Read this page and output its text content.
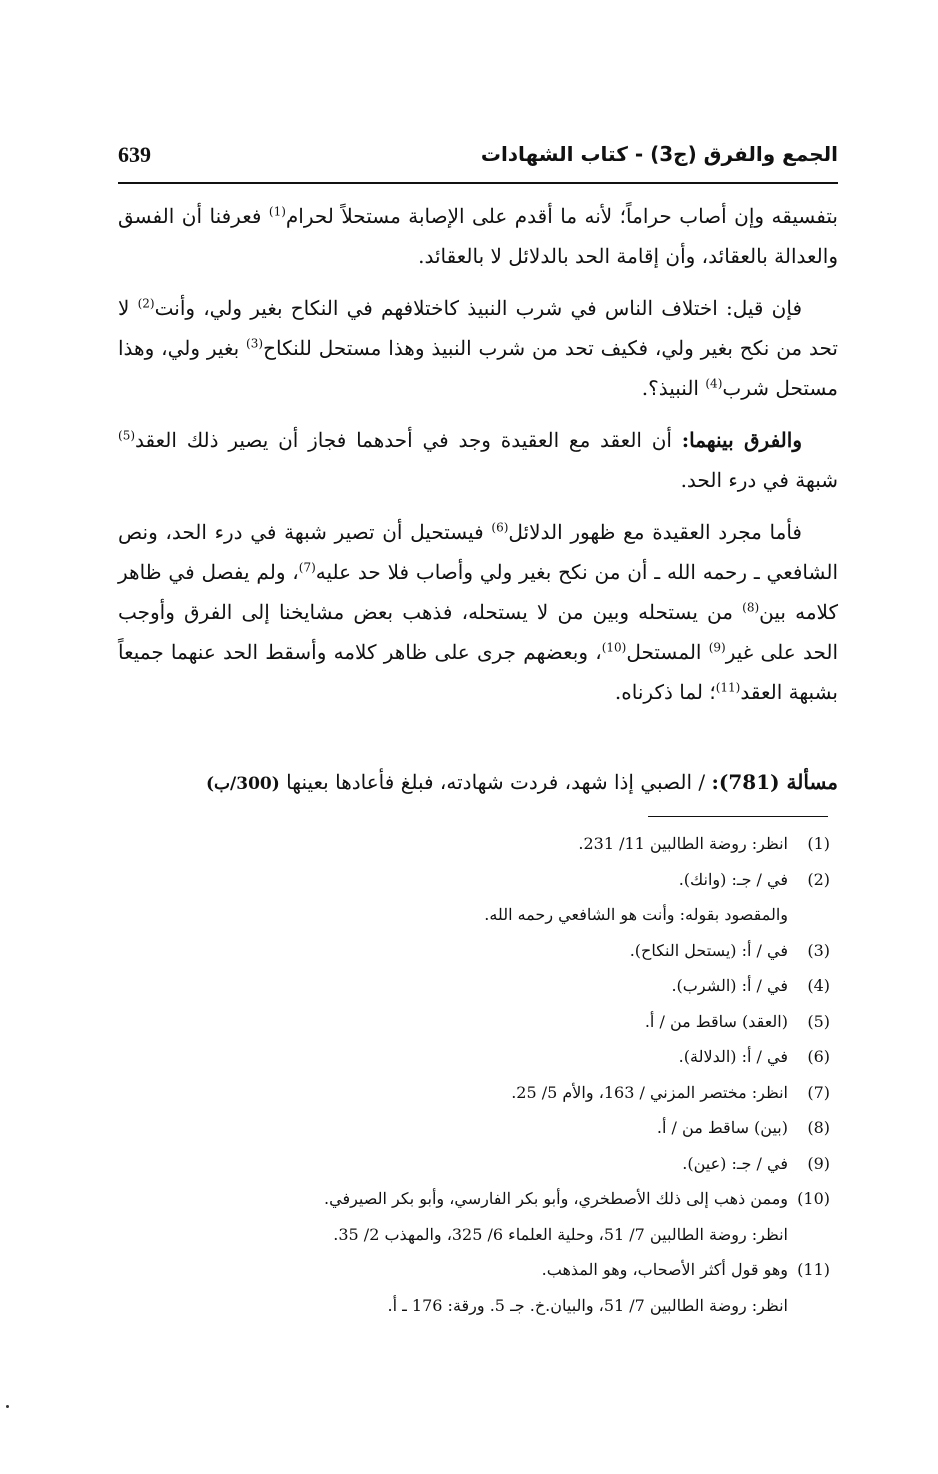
الجمع والفرق (ج3) - كتاب الشهادات
639

بتفسيقه وإن أصاب حراماً؛ لأنه ما أقدم على الإصابة مستحلاً لحرام$^{(1)}$ فعرفنا أن الفسق والعدالة بالعقائد، وأن إقامة الحد بالدلائل لا بالعقائد.

فإن قيل: اختلاف الناس في شرب النبيذ كاختلافهم في النكاح بغير ولي، وأنت$^{(2)}$ لا تحد من نكح بغير ولي، فكيف تحد من شرب النبيذ وهذا مستحل للنكاح$^{(3)}$ بغير ولي، وهذا مستحل شرب$^{(4)}$ النبيذ؟.

والفرق بينهما: أن العقد مع العقيدة وجد في أحدهما فجاز أن يصير ذلك العقد$^{(5)}$ شبهة في درء الحد.

فأما مجرد العقيدة مع ظهور الدلائل$^{(6)}$ فيستحيل أن تصير شبهة في درء الحد، ونص الشافعي ـ رحمه الله ـ أن من نكح بغير ولي وأصاب فلا حد عليه$^{(7)}$، ولم يفصل في ظاهر كلامه بين$^{(8)}$ من يستحله وبين من لا يستحله، فذهب بعض مشايخنا إلى الفرق وأوجب الحد على غير$^{(9)}$ المستحل$^{(10)}$، وبعضهم جرى على ظاهر كلامه وأسقط الحد عنهما جميعاً بشبهة العقد$^{(11)}$؛ لما ذكرناه.

مسألة (781): / الصبي إذا شهد، فردت شهادته، فبلغ فأعادها بعينها (300/ب)
(1)
انظر: روضة الطالبين 11/ 231.
(2)
في / جـ: (وانك).
والمقصود بقوله: وأنت هو الشافعي رحمه الله.
(3)
في / أ: (يستحل النكاح).
(4)
في / أ: (الشرب).
(5)
(العقد) ساقط من / أ.
(6)
في / أ: (الدلالة).
(7)
انظر: مختصر المزني / 163، والأم 5/ 25.
(8)
(بين) ساقط من / أ.
(9)
في / جـ: (عين).
(10)
وممن ذهب إلى ذلك الأصطخري، وأبو بكر الفارسي، وأبو بكر الصيرفي.
انظر: روضة الطالبين 7/ 51، وحلية العلماء 6/ 325، والمهذب 2/ 35.
(11)
وهو قول أكثر الأصحاب، وهو المذهب.
انظر: روضة الطالبين 7/ 51، والبيان.خ. جـ 5. ورقة: 176 ـ أ.
